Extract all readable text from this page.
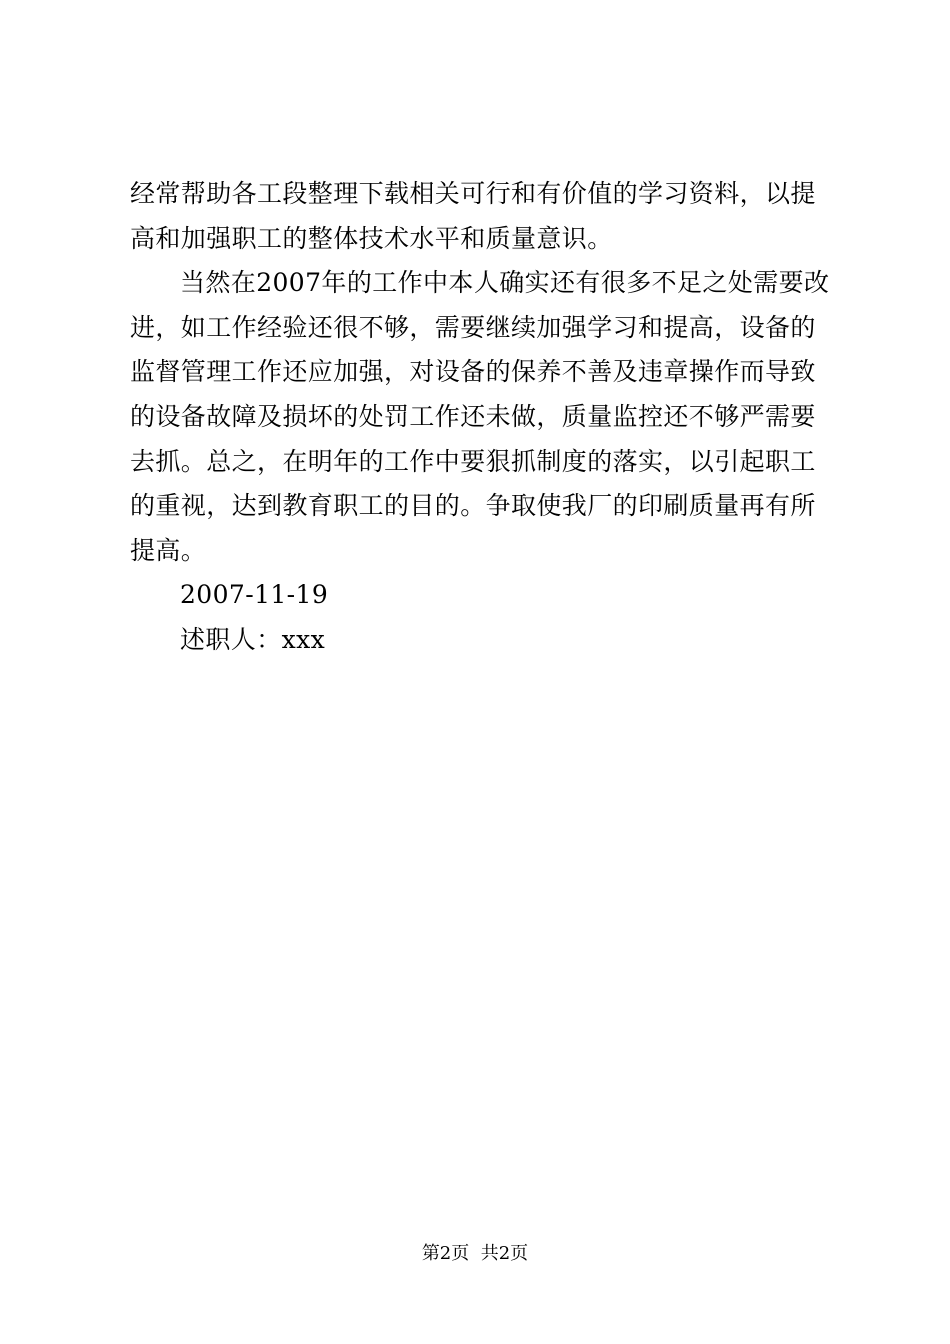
经常帮助各工段整理下载相关可行和有价值的学习资料，以提
高和加强职工的整体技术水平和质量意识。
当然在2007年的工作中本人确实还有很多不足之处需要改
进，如工作经验还很不够，需要继续加强学习和提高，设备的
监督管理工作还应加强，对设备的保养不善及违章操作而导致
的设备故障及损坏的处罚工作还未做，质量监控还不够严需要
去抓。总之，在明年的工作中要狠抓制度的落实，以引起职工
的重视，达到教育职工的目的。争取使我厂的印刷质量再有所
提高。
2007-11-19
述职人：xxx
第2页  共2页
